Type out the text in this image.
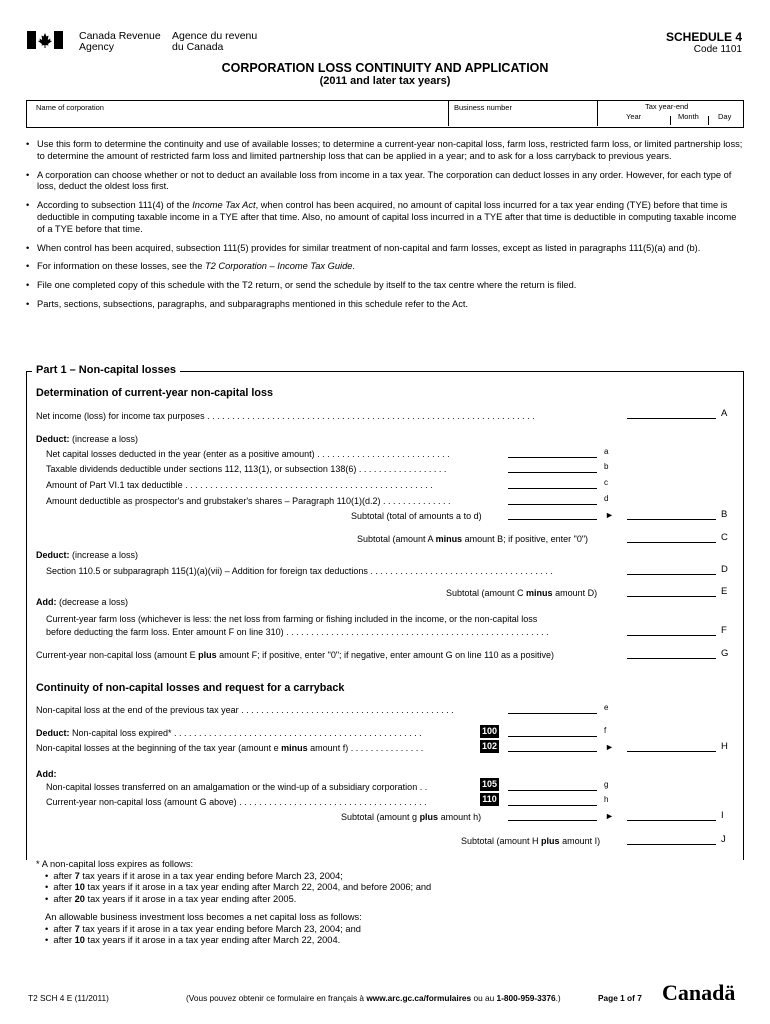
Canada Revenue
Agency
Agence du revenu
du Canada
SCHEDULE 4
Code 1101
CORPORATION LOSS CONTINUITY AND APPLICATION
(2011 and later tax years)
Name of corporation	Business number	Tax year-end
Year	Month	Day
• Use this form to determine the continuity and use of available losses; to determine a current-year non-capital loss, farm loss, restricted farm loss, or limited partnership loss; to determine the amount of restricted farm loss and limited partnership loss that can be applied in a year; and to ask for a loss carryback to previous years.
• A corporation can choose whether or not to deduct an available loss from income in a tax year. The corporation can deduct losses in any order. However, for each type of loss, deduct the oldest loss first.
• According to subsection 111(4) of the Income Tax Act, when control has been acquired, no amount of capital loss incurred for a tax year ending (TYE) before that time is deductible in computing taxable income in a TYE after that time. Also, no amount of capital loss incurred in a TYE after that time is deductible in computing taxable income of a TYE before that time.
• When control has been acquired, subsection 111(5) provides for similar treatment of non-capital and farm losses, except as listed in paragraphs 111(5)(a) and (b).
• For information on these losses, see the T2 Corporation – Income Tax Guide.
• File one completed copy of this schedule with the T2 return, or send the schedule by itself to the tax centre where the return is filed.
• Parts, sections, subsections, paragraphs, and subparagraphs mentioned in this schedule refer to the Act.
Part 1 – Non-capital losses
Determination of current-year non-capital loss
Net income (loss) for income tax purposes . . . . . . . . . . . . . . . . . . . . . . . . . . . . . . . . . . . . . . . . . . . . . . . . . . . . . . . . . . . . . . . . . .	A
Deduct: (increase a loss)
Net capital losses deducted in the year (enter as a positive amount) . . . . . . . . . . . . . . . . . . . . . . . . . . .	a
Taxable dividends deductible under sections 112, 113(1), or subsection 138(6) . . . . . . . . . . . . . . . . . .	b
Amount of Part VI.1 tax deductible . . . . . . . . . . . . . . . . . . . . . . . . . . . . . . . . . . . . . . . . . . . . . . . . . .	c
Amount deductible as prospector's and grubstaker's shares – Paragraph 110(1)(d.2) . . . . . . . . . . . . . .	d
Subtotal (total of amounts a to d)	►	B
Subtotal (amount A minus amount B; if positive, enter "0")	C
Deduct: (increase a loss)
Section 110.5 or subparagraph 115(1)(a)(vii) – Addition for foreign tax deductions . . . . . . . . . . . . . . . . . . . . . . . . . . . . . . . . . . . . .	D
Subtotal (amount C minus amount D)	E
Add: (decrease a loss)
Current-year farm loss (whichever is less: the net loss from farming or fishing included in the income, or the non-capital loss
before deducting the farm loss. Enter amount F on line 310) . . . . . . . . . . . . . . . . . . . . . . . . . . . . . . . . . . . . . . . . . . . . . . . . . . . . .	F
Current-year non-capital loss (amount E plus amount F; if positive, enter "0"; if negative, enter amount G on line 110 as a positive)	G
Continuity of non-capital losses and request for a carryback
Non-capital loss at the end of the previous tax year . . . . . . . . . . . . . . . . . . . . . . . . . . . . . . . . . . . . . . . . . . .	e
Deduct: Non-capital loss expired* . . . . . . . . . . . . . . . . . . . . . . . . . . . . . . . . . . . . . . . . . . . . . . . . . .	100	f
Non-capital losses at the beginning of the tax year (amount e minus amount f) . . . . . . . . . . . . . . .	102	►	H
Add:
Non-capital losses transferred on an amalgamation or the wind-up of a subsidiary corporation . .	105	g
Current-year non-capital loss (amount G above) . . . . . . . . . . . . . . . . . . . . . . . . . . . . . . . . . . . . . .	110	h
Subtotal (amount g plus amount h)	►	I
Subtotal (amount H plus amount I)	J
* A non-capital loss expires as follows:
•  after 7 tax years if it arose in a tax year ending before March 23, 2004;
•  after 10 tax years if it arose in a tax year ending after March 22, 2004, and before 2006; and
•  after 20 tax years if it arose in a tax year ending after 2005.
An allowable business investment loss becomes a net capital loss as follows:
•  after 7 tax years if it arose in a tax year ending before March 23, 2004; and
•  after 10 tax years if it arose in a tax year ending after March 22, 2004.
T2 SCH 4 E (11/2011)	(Vous pouvez obtenir ce formulaire en français à www.arc.gc.ca/formulaires ou au 1-800-959-3376.)	Page 1 of 7 Canadä
